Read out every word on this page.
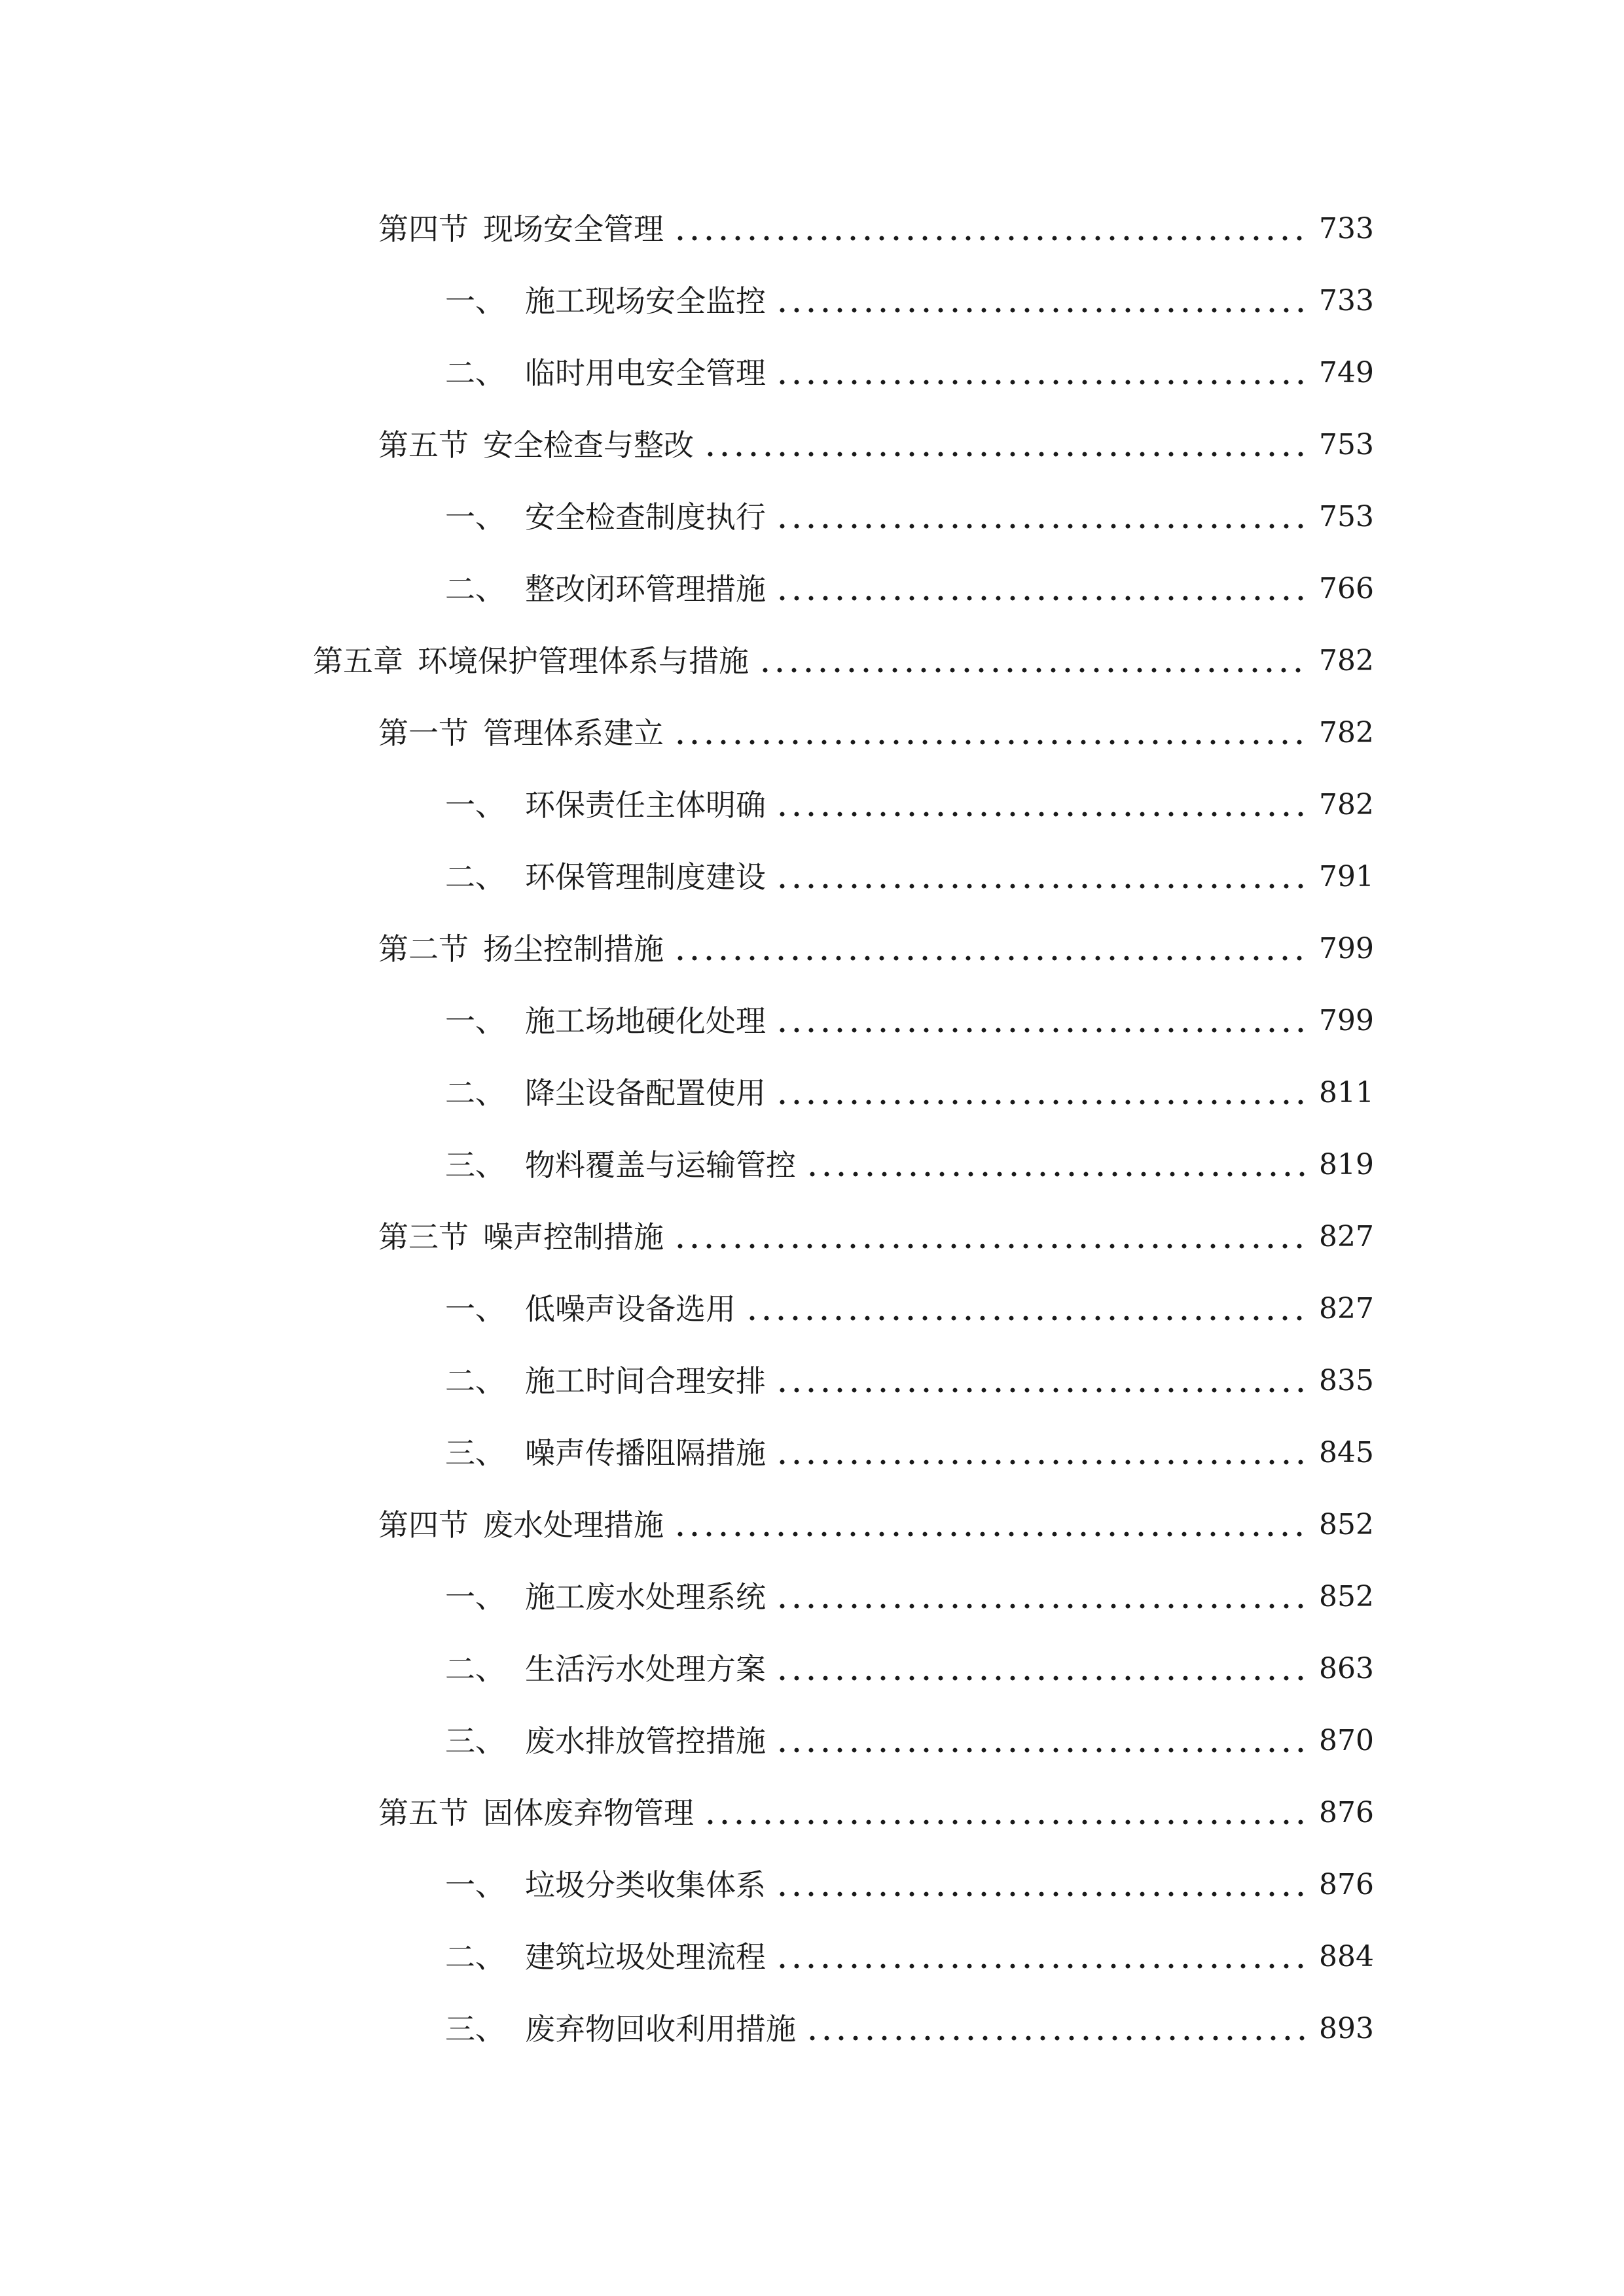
第四节 现场安全管理	733
一、 施工现场安全监控	733
二、 临时用电安全管理	749
第五节 安全检查与整改	753
一、 安全检查制度执行	753
二、 整改闭环管理措施	766
第五章 环境保护管理体系与措施	782
第一节 管理体系建立	782
一、 环保责任主体明确	782
二、 环保管理制度建设	791
第二节 扬尘控制措施	799
一、 施工场地硬化处理	799
二、 降尘设备配置使用	811
三、 物料覆盖与运输管控	819
第三节 噪声控制措施	827
一、 低噪声设备选用	827
二、 施工时间合理安排	835
三、 噪声传播阻隔措施	845
第四节 废水处理措施	852
一、 施工废水处理系统	852
二、 生活污水处理方案	863
三、 废水排放管控措施	870
第五节 固体废弃物管理	876
一、 垃圾分类收集体系	876
二、 建筑垃圾处理流程	884
三、 废弃物回收利用措施	893
